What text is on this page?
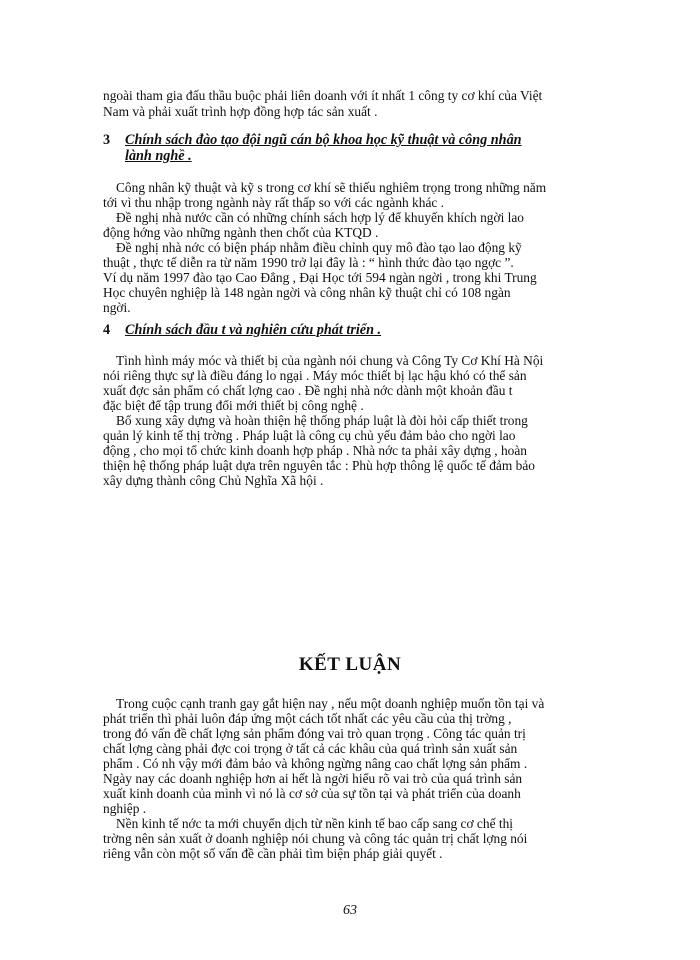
ngoài tham gia đấu thầu buộc phải liên doanh với ít nhất 1 công ty cơ khí của Việt
Nam và phải xuất trình hợp đồng hợp tác sản xuất .
3 Chính sách đào tạo đội ngũ cán bộ khoa học kỹ thuật và công nhân
lành nghề .
Công nhân kỹ thuật và kỹ s trong cơ khí sẽ thiếu nghiêm trọng trong những năm
tới vì thu nhập trong ngành này rất thấp so với các ngành khác .
Đề nghị nhà nước cần có những chính sách hợp lý để khuyến khích ngời lao
động hớng vào những ngành then chốt của KTQD .
Đề nghị nhà nớc có biện pháp nhằm điều chỉnh quy mô đào tạo lao động kỹ
thuật , thực tế diễn ra từ năm 1990 trở lại đây là : “ hình thức đào tạo ngợc ”.
Ví dụ năm 1997 đào tạo Cao Đẳng , Đại Học tới 594 ngàn ngời , trong khi Trung
Học chuyên nghiệp là 148 ngàn ngời và công nhân kỹ thuật chỉ có 108 ngàn
ngời.
4 Chính sách đầu t và nghiên cứu phát triển .
Tình hình máy móc và thiết bị của ngành nói chung và Công Ty Cơ Khí Hà Nội
nói riêng thực sự là điều đáng lo ngại . Máy móc thiết bị lạc hậu khó có thể sản
xuất đợc sản phẩm có chất lợng cao . Đề nghị nhà nớc dành một khoản đầu t
đặc biệt để tập trung đổi mới thiết bị công nghệ .
Bổ xung xây dựng và hoàn thiện hệ thống pháp luật là đòi hỏi cấp thiết trong
quản lý kinh tế thị trờng . Pháp luật là công cụ chủ yếu đảm bảo cho ngời lao
động , cho mọi tổ chức kinh doanh hợp pháp . Nhà nớc ta phải xây dựng , hoàn
thiện hệ thống pháp luật dựa trên nguyên tắc : Phù hợp thông lệ quốc tế đảm bảo
xây dựng thành công Chủ Nghĩa Xã hội .
KẾT LUẬN
Trong cuộc cạnh tranh gay gắt hiện nay , nếu một doanh nghiệp muốn tồn tại và
phát triển thì phải luôn đáp ứng một cách tốt nhất các yêu cầu của thị trờng ,
trong đó vấn đề chất lợng sản phẩm đóng vai trò quan trọng . Công tác quản trị
chất lợng càng phải đợc coi trọng ở tất cả các khâu của quá trình sản xuất sản
phẩm . Có nh vậy mới đảm bảo và không ngừng nâng cao chất lợng sản phẩm .
Ngày nay các doanh nghiệp hơn ai hết là ngời hiểu rõ vai trò của quá trình sản
xuất kinh doanh của mình vì nó là cơ sở của sự tồn tại và phát triển của doanh
nghiệp .
Nền kinh tế nớc ta mới chuyển dịch từ nền kinh tế bao cấp sang cơ chế thị
trờng nên sản xuất ở doanh nghiệp nói chung và công tác quản trị chất lợng nói
riêng vẫn còn một số vấn đề cần phải tìm biện pháp giải quyết .
63
